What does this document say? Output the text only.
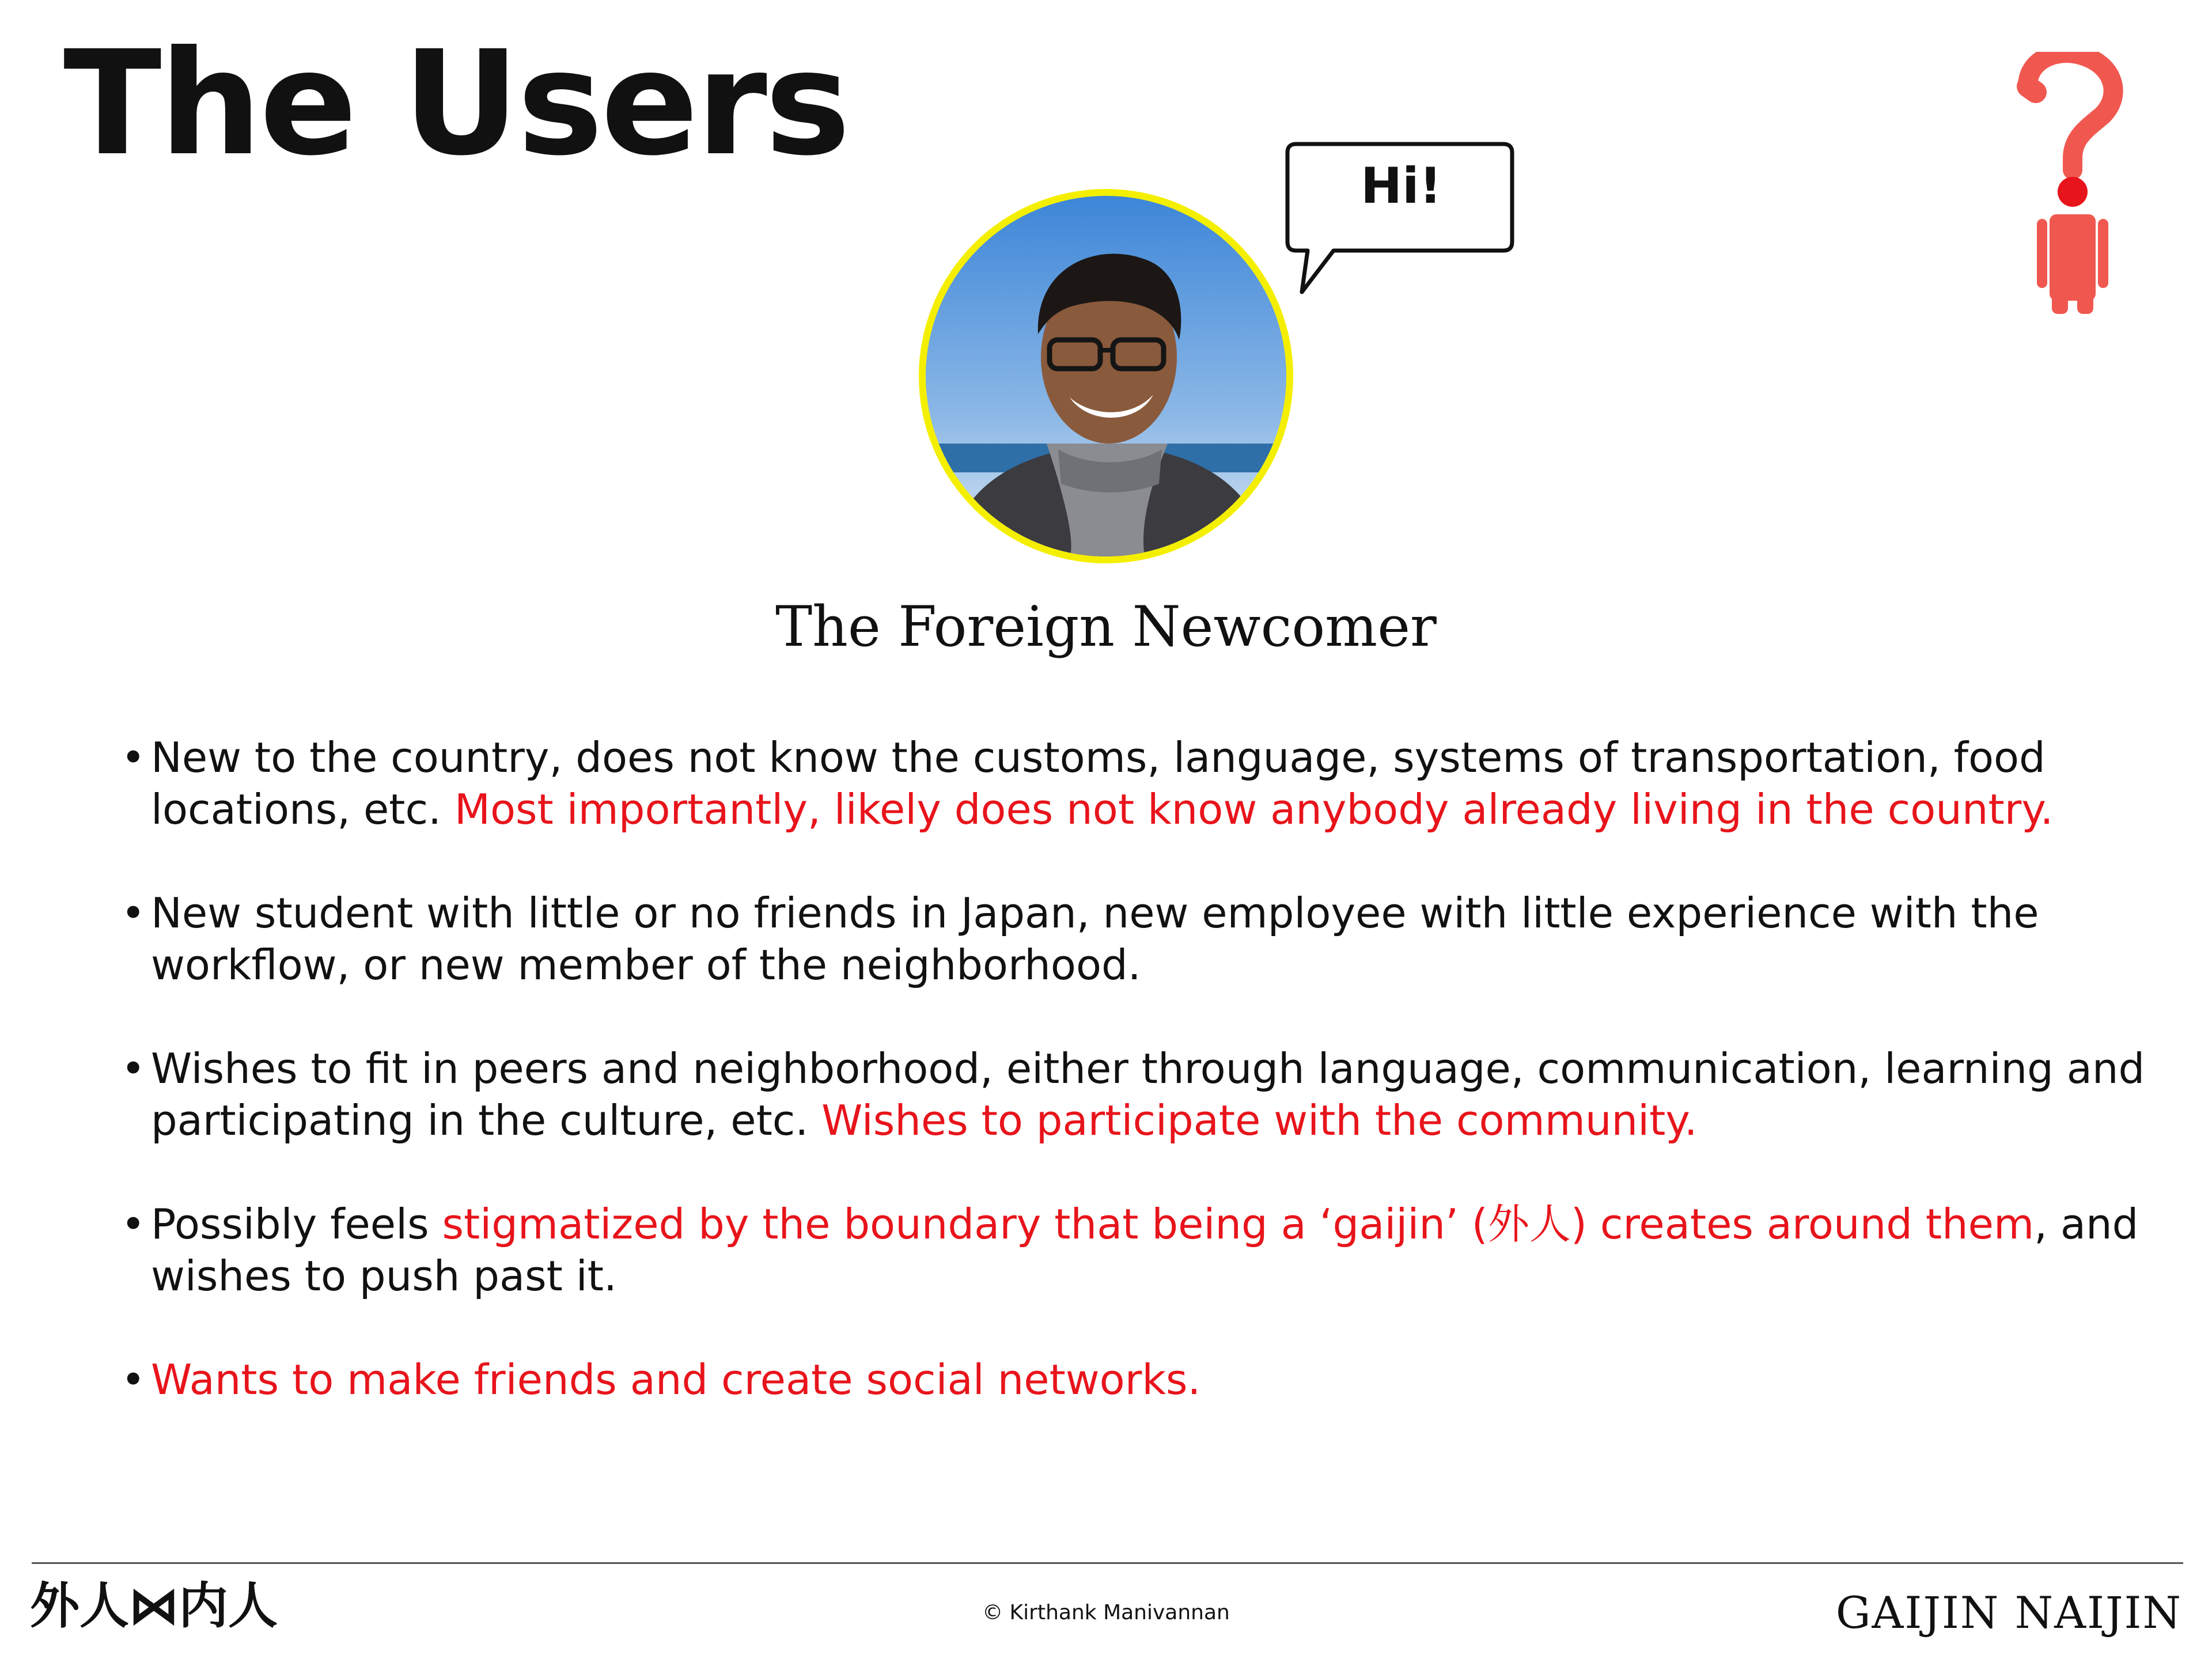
The Users	Hi!
The Foreign Newcomer
• New to the country, does not know the customs, language, systems of transportation, food locations, etc. Most importantly, likely does not know anybody already living in the country.
• New student with little or no friends in Japan, new employee with little experience with the workflow, or new member of the neighborhood.
• Wishes to fit in peers and neighborhood, either through language, communication, learning and participating in the culture, etc. Wishes to participate with the community.
• Possibly feels stigmatized by the boundary that being a ‘gaijin’ (外人) creates around them, and wishes to push past it.
• Wants to make friends and create social networks.
外人⋈内人	© Kirthank Manivannan	GAIJIN NAIJIN
